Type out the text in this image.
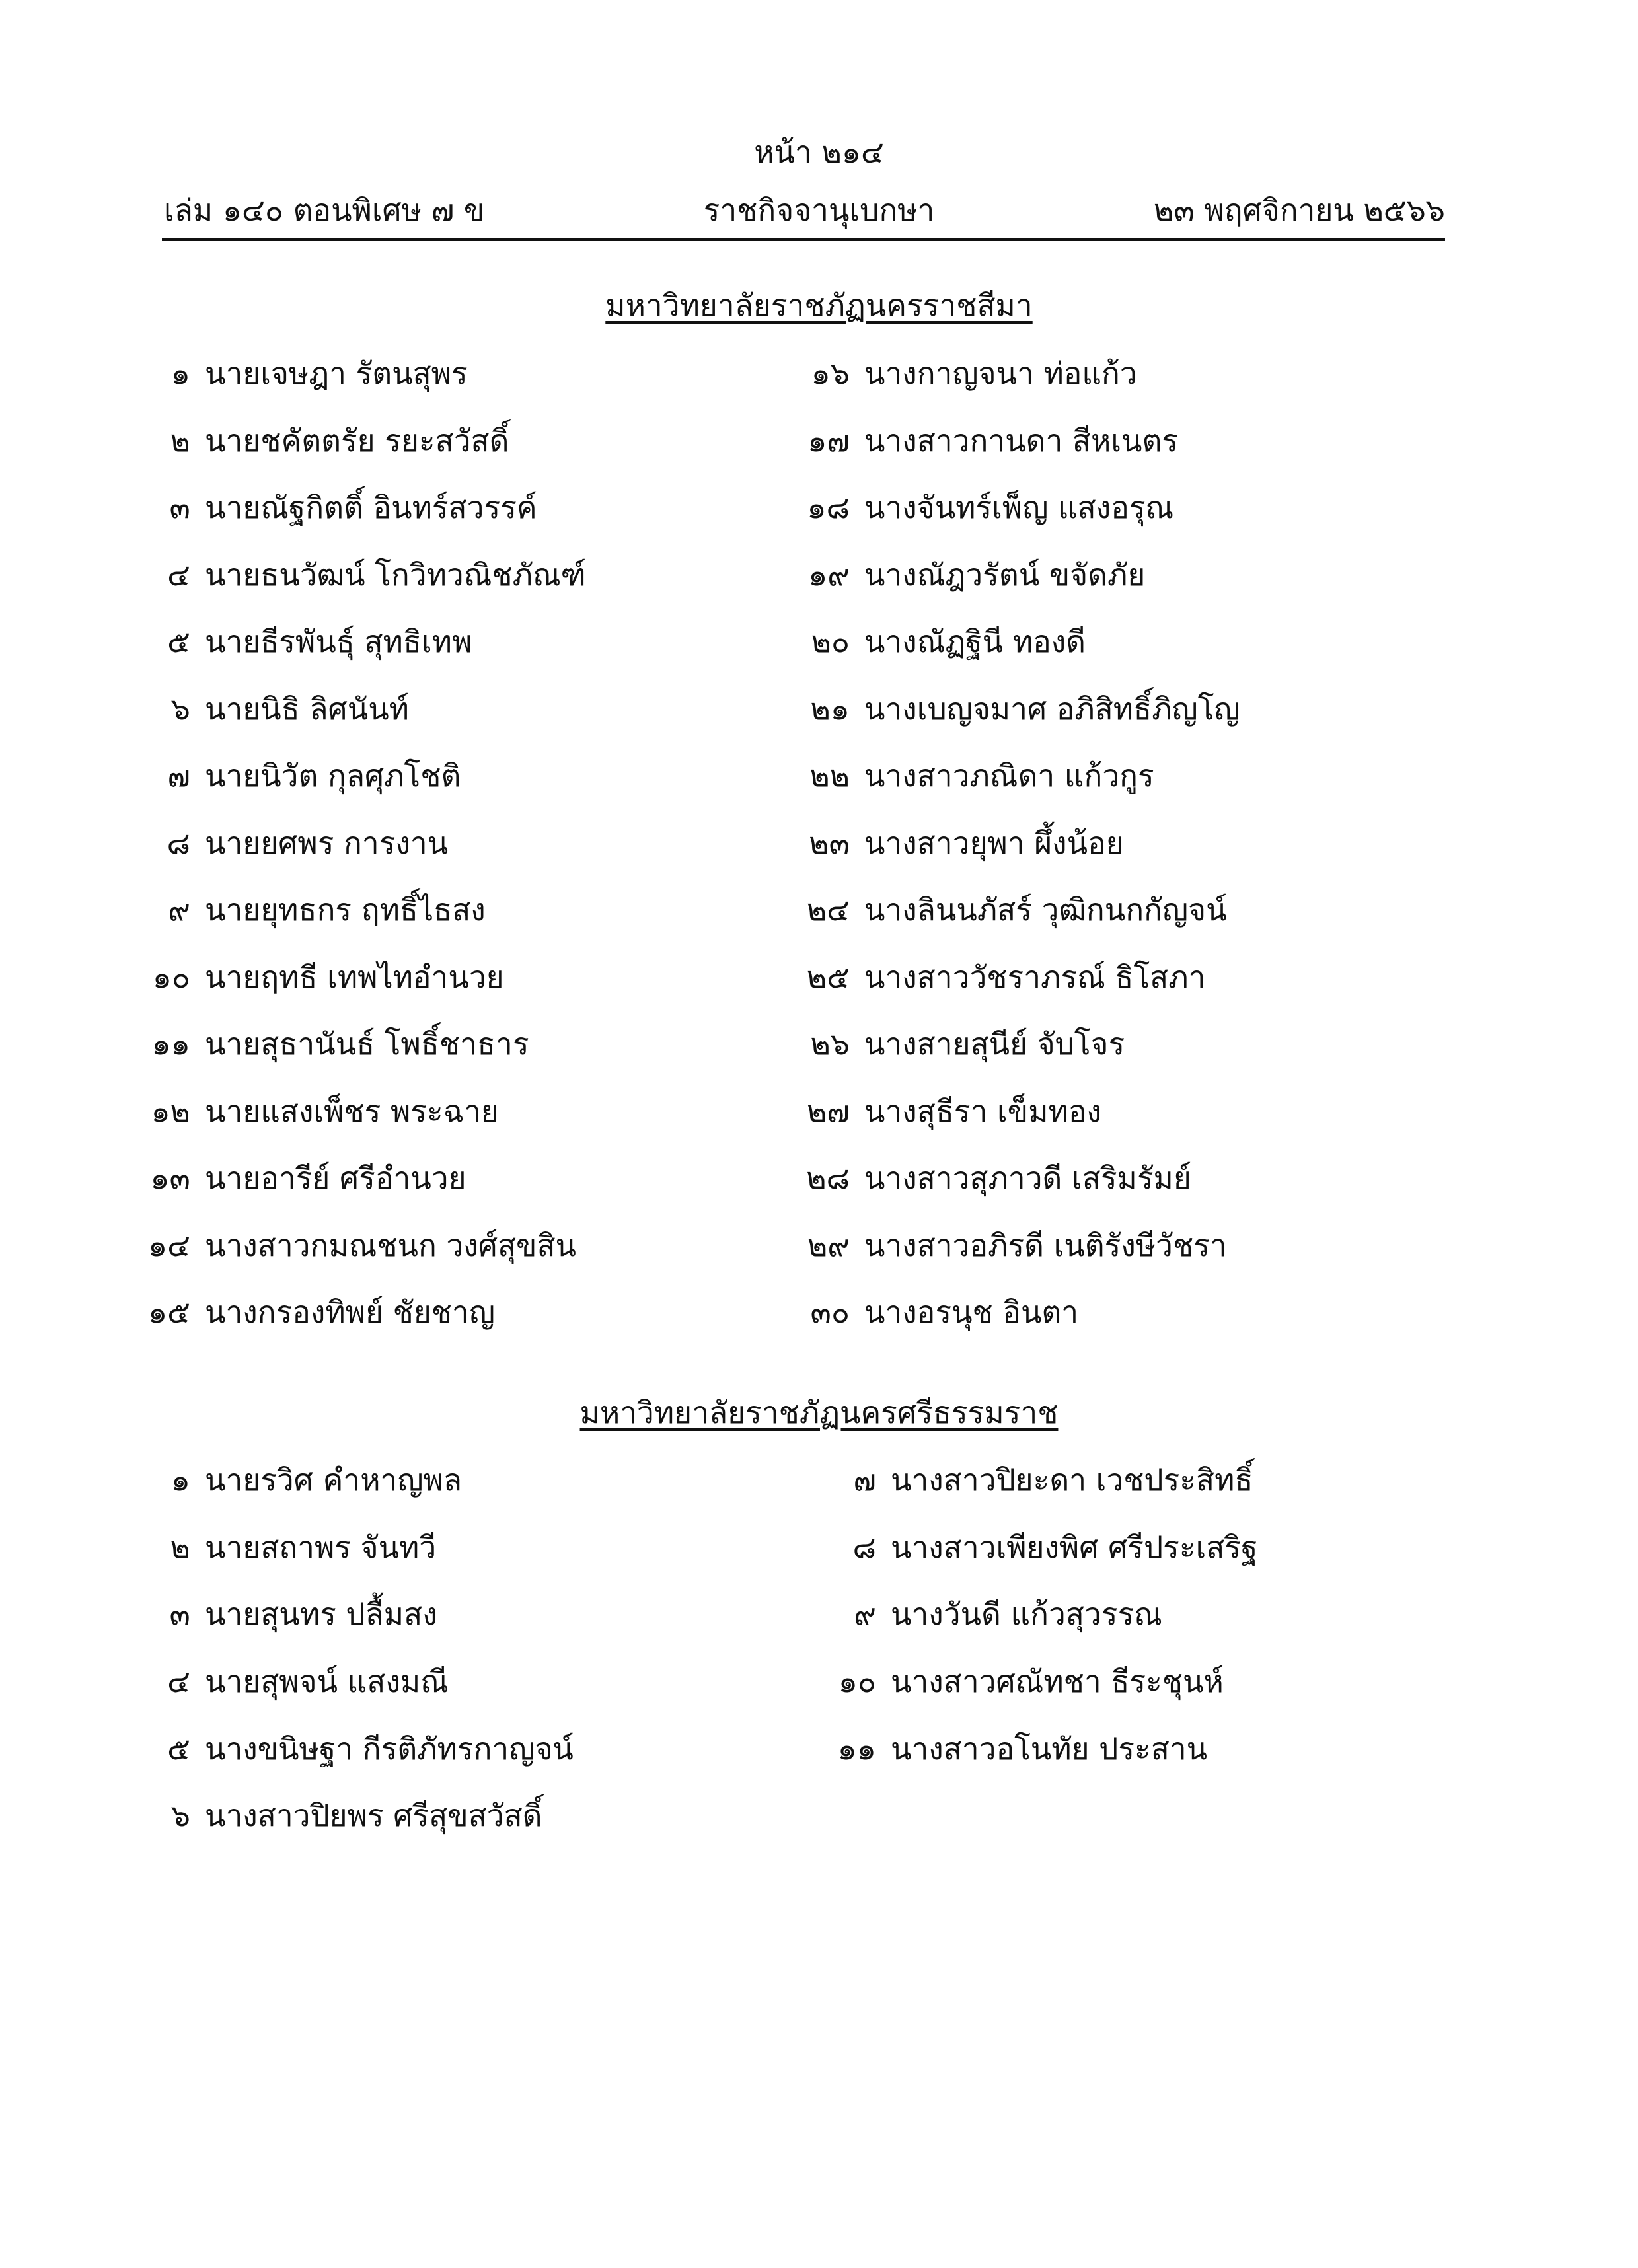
หน้า ๒๑๔
เล่ม ๑๔๐ ตอนพิเศษ ๗ ข	ราชกิจจานุเบกษา	๒๓ พฤศจิกายน ๒๕๖๖
มหาวิทยาลัยราชภัฏนครราชสีมา
๑ นายเจษฎา รัตนสุพร
๒ นายชคัตตรัย รยะสวัสดิ์
๓ นายณัฐกิตติ์ อินทร์สวรรค์
๔ นายธนวัฒน์ โกวิทวณิชภัณฑ์
๕ นายธีรพันธุ์ สุทธิเทพ
๖ นายนิธิ ลิศนันท์
๗ นายนิวัต กุลศุภโชติ
๘ นายยศพร การงาน
๙ นายยุทธกร ฤทธิ์ไธสง
๑๐ นายฤทธี เทพไทอำนวย
๑๑ นายสุธานันธ์ โพธิ์ชาธาร
๑๒ นายแสงเพ็ชร พระฉาย
๑๓ นายอารีย์ ศรีอำนวย
๑๔ นางสาวกมณชนก วงศ์สุขสิน
๑๕ นางกรองทิพย์ ชัยชาญ
๑๖ นางกาญจนา ท่อแก้ว
๑๗ นางสาวกานดา สีหเนตร
๑๘ นางจันทร์เพ็ญ แสงอรุณ
๑๙ นางณัฎวรัตน์ ขจัดภัย
๒๐ นางณัฏฐินี ทองดี
๒๑ นางเบญจมาศ อภิสิทธิ์ภิญโญ
๒๒ นางสาวภณิดา แก้วกูร
๒๓ นางสาวยุพา ผึ้งน้อย
๒๔ นางลินนภัสร์ วุฒิกนกกัญจน์
๒๕ นางสาววัชราภรณ์ ธิโสภา
๒๖ นางสายสุนีย์ จับโจร
๒๗ นางสุธีรา เข็มทอง
๒๘ นางสาวสุภาวดี เสริมรัมย์
๒๙ นางสาวอภิรดี เนติรังษีวัชรา
๓๐ นางอรนุช อินตา
มหาวิทยาลัยราชภัฏนครศรีธรรมราช
๑ นายรวิศ คำหาญพล
๒ นายสถาพร จันทวี
๓ นายสุนทร ปลื้มสง
๔ นายสุพจน์ แสงมณี
๕ นางขนิษฐา กีรติภัทรกาญจน์
๖ นางสาวปิยพร ศรีสุขสวัสดิ์
๗ นางสาวปิยะดา เวชประสิทธิ์
๘ นางสาวเพียงพิศ ศรีประเสริฐ
๙ นางวันดี แก้วสุวรรณ
๑๐ นางสาวศณัทชา ธีระชุนห์
๑๑ นางสาวอโนทัย ประสาน
